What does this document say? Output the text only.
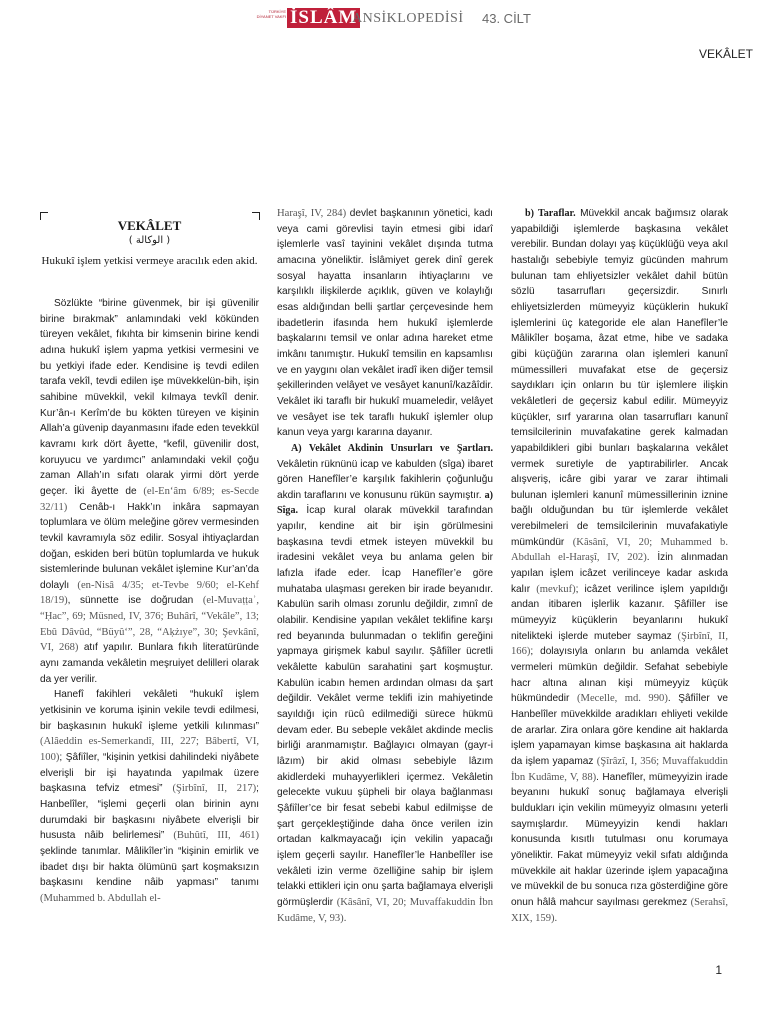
TÜRKİYE DİYANET VAKFI İSLÂM
ANSİKLOPEDİSİ 43. CİLT
VEKÂLET
VEKÂLET
( الوكالة )
Hukukî işlem yetkisi vermeye aracılık eden akid.

Sözlükte “birine güvenmek, bir işi güvenilir birine bırakmak” anlamındaki vekl kökünden türeyen vekâlet, fıkıhta bir kimsenin birine kendi adına hukukî işlem yapma yetkisi vermesini ve bu yetkiyi ifade eder. Kendisine iş tevdi edilen tarafa vekîl, tevdi edilen işe müvekkelün-bih, işin sahibine müvekkil, vekil kılmaya tevkîl denir. Kur’ân-ı Kerîm’de bu kökten türeyen ve kişinin Allah’a güvenip dayanmasını ifade eden tevekkül kavramı kırk dört âyette, “kefil, güvenilir dost, koruyucu ve yardımcı” anlamındaki vekil çoğu zaman Allah’ın sıfatı olarak yirmi dört yerde geçer. İki âyette de (el-En‘âm 6/89; es-Secde 32/11) Cenâb-ı Hakk’ın inkâra sapmayan toplumlara ve ölüm meleğine görev vermesinden tevkil kavramıyla söz edilir. Sosyal ihtiyaçlardan doğan, eskiden beri bütün toplumlarda ve hukuk sistemlerinde bulunan vekâlet işlemine Kur’an’da dolaylı (en-Nisâ 4/35; et-Tevbe 9/60; el-Kehf 18/19), sünnette ise doğrudan (el-Muvaṭṭaʾ, “Ḥac”, 69; Müsned, IV, 376; Buhârî, “Vekâle”, 13; Ebû Dâvûd, “Büyû‘”, 28, “Aḳżıye”, 30; Şevkânî, VI, 268) atıf yapılır. Bunlara fıkıh literatüründe aynı zamanda vekâletin meşruiyet delilleri olarak da yer verilir.

Hanefî fakihleri vekâleti “hukukî işlem yetkisinin ve koruma işinin vekile tevdi edilmesi, bir başkasının hukukî işleme yetkili kılınması” (Alâeddin es-Semerkandî, III, 227; Bâbertî, VI, 100); Şâfiîler, “kişinin yetkisi dahilindeki niyâbete elverişli bir işi hayatında yapılmak üzere başkasına tefviz etmesi” (Şirbînî, II, 217); Hanbelîler, “işlemi geçerli olan birinin aynı durumdaki bir başkasını niyâbete elverişli bir hususta nâib belirlemesi” (Buhûtî, III, 461) şeklinde tanımlar. Mâlikîler’in “kişinin emirlik ve ibadet dışı bir hakta ölümünü şart koşmaksızın başkasını kendine nâib yapması” tanımı (Muhammed b. Abdullah el-

Haraşî, IV, 284) devlet başkanının yönetici, kadı veya cami görevlisi tayin etmesi gibi idarî işlemlerle vasî tayinini vekâlet dışında tutma amacına yöneliktir. İslâmiyet gerek dinî gerek sosyal hayatta insanların ihtiyaçlarını ve karşılıklı ilişkilerde açıklık, güven ve kolaylığı esas aldığından belli şartlar çerçevesinde hem ibadetlerin ifasında hem hukukî işlemlerde başkalarını temsil ve onlar adına hareket etme imkânı tanımıştır. Hukukî temsilin en kapsamlısı ve en yaygını olan vekâlet iradî iken diğer temsil şekillerinden velâyet ve vesâyet kanunî/kazâîdir. Vekâlet iki taraflı bir hukukî muameledir, velâyet ve vesâyet ise tek taraflı hukukî işlemler olup kanun veya yargı kararına dayanır.

A) Vekâlet Akdinin Unsurları ve Şartları. Vekâletin rüknünü icap ve kabulden (sîga) ibaret gören Hanefîler’e karşılık fakihlerin çoğunluğu akdin taraflarını ve konusunu rükün saymıştır. a) Sîga. İcap kural olarak müvekkil tarafından yapılır, kendine ait bir işin görülmesini başkasına tevdi etmek isteyen müvekkil bu iradesini vekâlet veya bu anlama gelen bir lafızla ifade eder. İcap Hanefîler’e göre muhataba ulaşması gereken bir irade beyanıdır. Kabulün sarih olması zorunlu değildir, zımnî de olabilir. Kendisine yapılan vekâlet teklifine karşı red beyanında bulunmadan o teklifin gereğini yapmaya girişmek kabul sayılır. Şâfiîler ücretli vekâlette kabulün sarahatini şart koşmuştur. Kabulün icabın hemen ardından olması da şart değildir. Vekâlet verme teklifi izin mahiyetinde sayıldığı için rücû edilmediği sürece hükmü devam eder. Bu sebeple vekâlet akdinde meclis birliği aranmamıştır. Bağlayıcı olmayan (gayr-i lâzım) bir akid olması sebebiyle lâzım akidlerdeki muhayyerlikleri içermez. Vekâletin gelecekte vukuu şüpheli bir olaya bağlanması Şâfiîler’ce bir fesat sebebi kabul edilmişse de şart gerçekleştiğinde daha önce verilen izin ortadan kalkmayacağı için vekilin yapacağı işlem geçerli sayılır. Hanefîler’le Hanbelîler ise vekâleti izin verme özelliğine sahip bir işlem telakki ettikleri için onu şarta bağlamaya elverişli görmüşlerdir (Kâsânî, VI, 20; Muvaffakuddin İbn Kudâme, V, 93).

b) Taraflar. Müvekkil ancak bağımsız olarak yapabildiği işlemlerde başkasına vekâlet verebilir. Bundan dolayı yaş küçüklüğü veya akıl hastalığı sebebiyle temyiz gücünden mahrum bulunan tam ehliyetsizler vekâlet dahil bütün sözlü tasarrufları geçersizdir. Sınırlı ehliyetsizlerden mümeyyiz küçüklerin hukukî işlemlerini üç kategoride ele alan Hanefîler’le Mâlikîler boşama, âzat etme, hibe ve sadaka gibi küçüğün zararına olan işlemleri kanunî mümessilleri muvafakat etse de geçersiz saydıkları için onların bu tür işlemlere ilişkin vekâletleri de geçersiz kabul edilir. Mümeyyiz küçükler, sırf yararına olan tasarrufları kanunî temsilcilerinin muvafakatine gerek kalmadan yapabildikleri gibi bunları başkalarına vekâlet vermek suretiyle de yaptırabilirler. Ancak alışveriş, icâre gibi yarar ve zarar ihtimali bulunan işlemleri kanunî mümessillerinin iznine bağlı olduğundan bu tür işlemlerde vekâlet verebilmeleri de temsilcilerinin muvafakatiyle mümkündür (Kâsânî, VI, 20; Muhammed b. Abdullah el-Haraşî, IV, 202). İzin alınmadan yapılan işlem icâzet verilinceye kadar askıda kalır (mevkuf); icâzet verilince işlem yapıldığı andan itibaren işlerlik kazanır. Şâfiîler ise mümeyyiz küçüklerin beyanlarını hukukî nitelikteki işlerde muteber saymaz (Şirbînî, II, 166); dolayısıyla onların bu anlamda vekâlet vermeleri mümkün değildir. Sefahat sebebiyle hacr altına alınan kişi mümeyyiz küçük hükmündedir (Mecelle, md. 990). Şâfiîler ve Hanbelîler müvekkilde aradıkları ehliyeti vekilde de ararlar. Zira onlara göre kendine ait haklarda işlem yapamayan kimse başkasına ait haklarda da işlem yapamaz (Şîrâzî, I, 356; Muvaffakuddin İbn Kudâme, V, 88). Hanefîler, mümeyyizin irade beyanını hukukî sonuç bağlamaya elverişli buldukları için vekilin mümeyyiz olmasını yeterli saymışlardır. Mümeyyizin kendi hakları konusunda kısıtlı tutulması onu korumaya yöneliktir. Fakat mümeyyiz vekil sıfatı aldığında müvekkile ait haklar üzerinde işlem yapacağına ve müvekkil de bu sonuca rıza gösterdiğine göre onun hâlâ mahcur sayılması gerekmez (Serahsî, XIX, 159).

1
